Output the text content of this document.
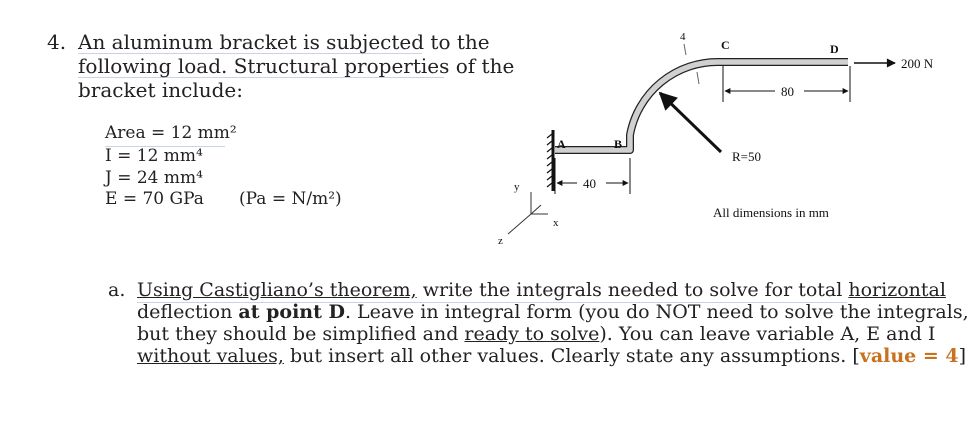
4. An aluminum bracket is subjected to the
following load. Structural properties of the
bracket include:
Area = 12 mm²
I = 12 mm⁴
J = 24 mm⁴
E = 70 GPa (Pa = N/m²)
y
x
z
R=50
A	B
C	D
4
40
80
200 N
All dimensions in mm
a. Using Castigliano’s theorem, write the integrals needed to solve for total horizontal
deflection at point D. Leave in integral form (you do NOT need to solve the integrals,
but they should be simplified and ready to solve). You can leave variable A, E and I
without values, but insert all other values. Clearly state any assumptions. [value = 4]
